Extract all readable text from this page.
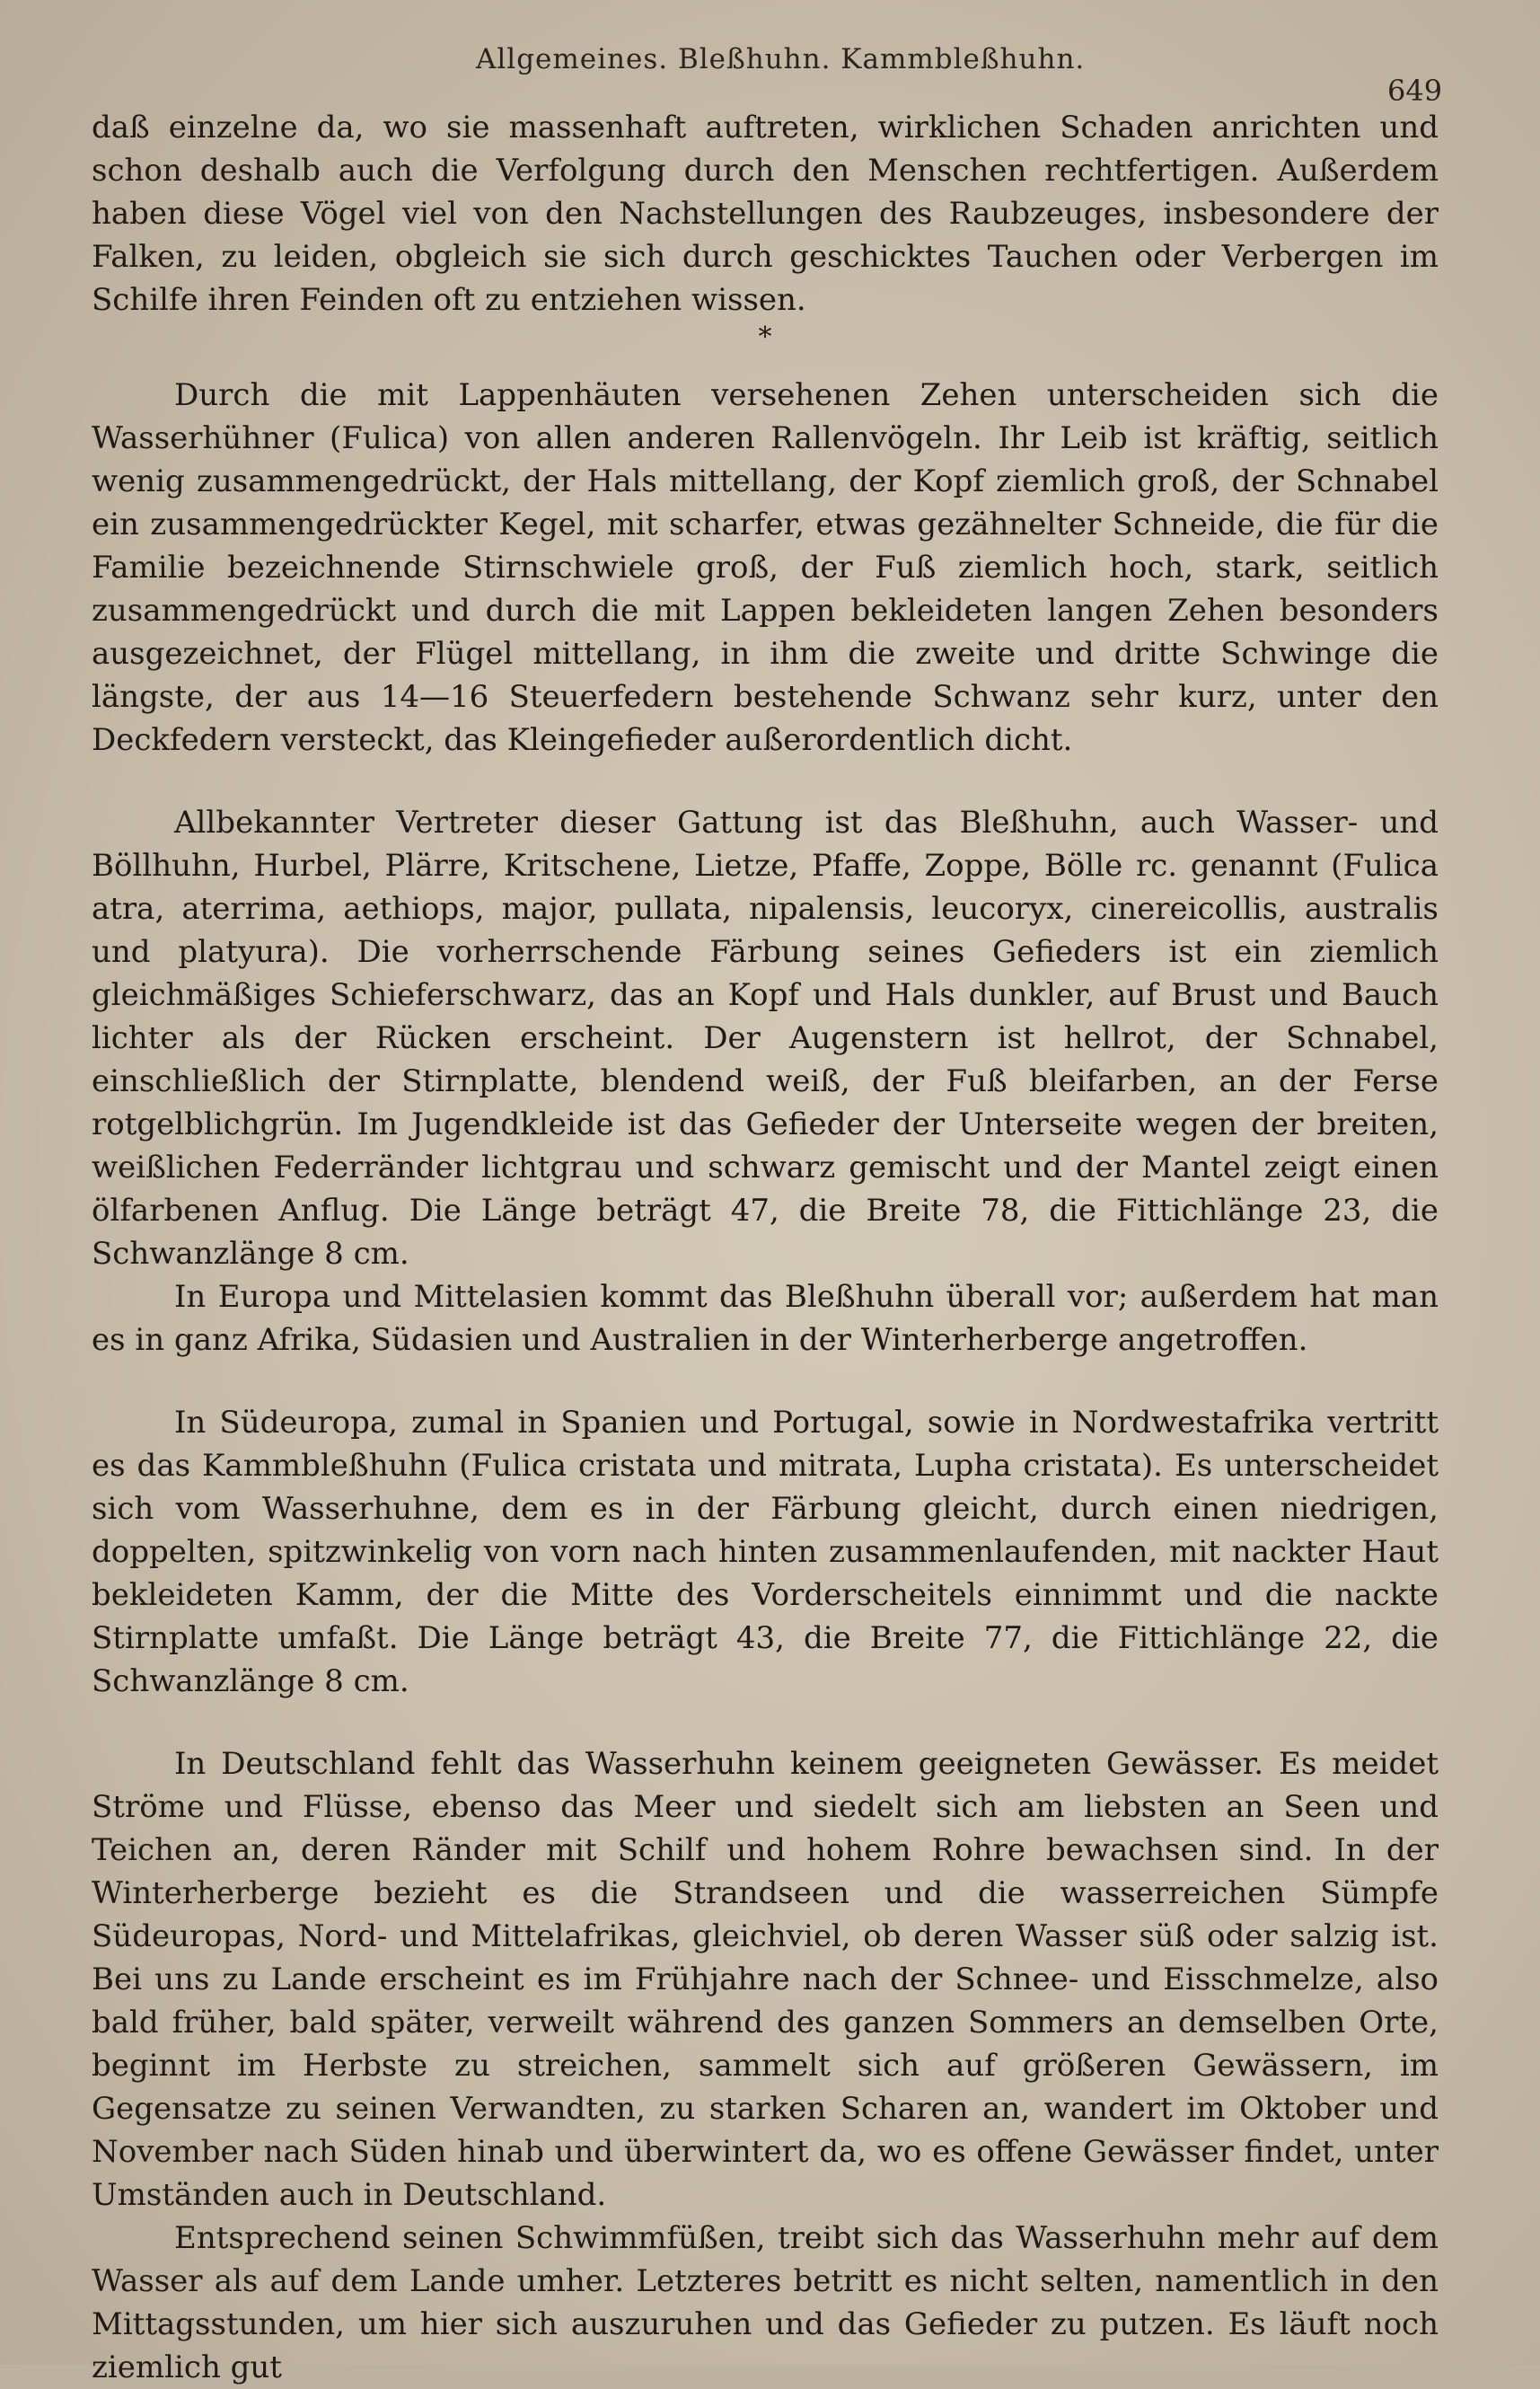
Allgemeines. Bleßhuhn. Kammbleßhuhn.
649

daß einzelne da, wo sie massenhaft auftreten, wirklichen Schaden anrichten und schon deshalb auch die Verfolgung durch den Menschen rechtfertigen. Außerdem haben diese Vögel viel von den Nachstellungen des Raubzeuges, insbesondere der Falken, zu leiden, obgleich sie sich durch geschicktes Tauchen oder Verbergen im Schilfe ihren Feinden oft zu entziehen wissen.

*

Durch die mit Lappenhäuten versehenen Zehen unterscheiden sich die Wasserhühner (Fulica) von allen anderen Rallenvögeln. Ihr Leib ist kräftig, seitlich wenig zusammengedrückt, der Hals mittellang, der Kopf ziemlich groß, der Schnabel ein zusammengedrückter Kegel, mit scharfer, etwas gezähnelter Schneide, die für die Familie bezeichnende Stirnschwiele groß, der Fuß ziemlich hoch, stark, seitlich zusammengedrückt und durch die mit Lappen bekleideten langen Zehen besonders ausgezeichnet, der Flügel mittellang, in ihm die zweite und dritte Schwinge die längste, der aus 14—16 Steuerfedern bestehende Schwanz sehr kurz, unter den Deckfedern versteckt, das Kleingefieder außerordentlich dicht.

Allbekannter Vertreter dieser Gattung ist das Bleßhuhn, auch Wasser- und Böllhuhn, Hurbel, Plärre, Kritschene, Lietze, Pfaffe, Zoppe, Bölle rc. genannt (Fulica atra, aterrima, aethiops, major, pullata, nipalensis, leucoryx, cinereicollis, australis und platyura). Die vorherrschende Färbung seines Gefieders ist ein ziemlich gleichmäßiges Schieferschwarz, das an Kopf und Hals dunkler, auf Brust und Bauch lichter als der Rücken erscheint. Der Augenstern ist hellrot, der Schnabel, einschließlich der Stirnplatte, blendend weiß, der Fuß bleifarben, an der Ferse rotgelblichgrün. Im Jugendkleide ist das Gefieder der Unterseite wegen der breiten, weißlichen Federränder lichtgrau und schwarz gemischt und der Mantel zeigt einen ölfarbenen Anflug. Die Länge beträgt 47, die Breite 78, die Fittichlänge 23, die Schwanzlänge 8 cm.

In Europa und Mittelasien kommt das Bleßhuhn überall vor; außerdem hat man es in ganz Afrika, Südasien und Australien in der Winterherberge angetroffen.

In Südeuropa, zumal in Spanien und Portugal, sowie in Nordwestafrika vertritt es das Kammbleßhuhn (Fulica cristata und mitrata, Lupha cristata). Es unterscheidet sich vom Wasserhuhne, dem es in der Färbung gleicht, durch einen niedrigen, doppelten, spitzwinkelig von vorn nach hinten zusammenlaufenden, mit nackter Haut bekleideten Kamm, der die Mitte des Vorderscheitels einnimmt und die nackte Stirnplatte umfaßt. Die Länge beträgt 43, die Breite 77, die Fittichlänge 22, die Schwanzlänge 8 cm.

In Deutschland fehlt das Wasserhuhn keinem geeigneten Gewässer. Es meidet Ströme und Flüsse, ebenso das Meer und siedelt sich am liebsten an Seen und Teichen an, deren Ränder mit Schilf und hohem Rohre bewachsen sind. In der Winterherberge bezieht es die Strandseen und die wasserreichen Sümpfe Südeuropas, Nord- und Mittelafrikas, gleichviel, ob deren Wasser süß oder salzig ist. Bei uns zu Lande erscheint es im Frühjahre nach der Schnee- und Eisschmelze, also bald früher, bald später, verweilt während des ganzen Sommers an demselben Orte, beginnt im Herbste zu streichen, sammelt sich auf größeren Gewässern, im Gegensatze zu seinen Verwandten, zu starken Scharen an, wandert im Oktober und November nach Süden hinab und überwintert da, wo es offene Gewässer findet, unter Umständen auch in Deutschland.

Entsprechend seinen Schwimmfüßen, treibt sich das Wasserhuhn mehr auf dem Wasser als auf dem Lande umher. Letzteres betritt es nicht selten, namentlich in den Mittagsstunden, um hier sich auszuruhen und das Gefieder zu putzen. Es läuft noch ziemlich gut
